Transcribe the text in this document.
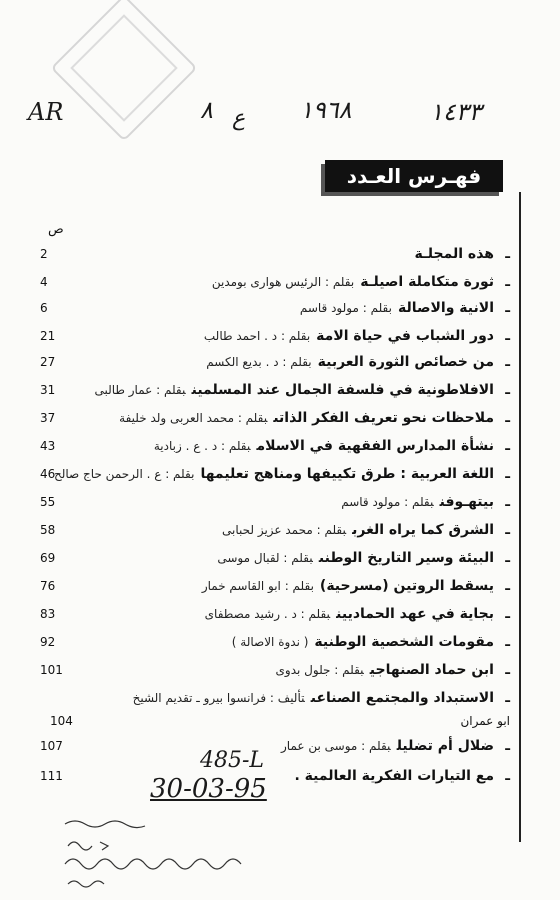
AR	٨ ع ١٩٦٨	١٤٣٣
فهـرس العـدد
ص
ـهذه المجلـة
2
ـثورة متكاملة اصيلـةبقلم : الرئيس هوارى بومدين
4
ـالانية والاصالةبقلم : مولود قاسم
6
ـدور الشباب في حياة الامةبقلم : د . احمد طالب
21
ـمن خصائص الثورة العربيةبقلم : د . بديع الكسم
27
ـالافلاطونية في فلسفة الجمال عند المسلمينبقلم : عمار طالبى
31
ـملاحظات نحو تعريف الفكر الذاتىبقلم : محمد العربى ولد خليفة
37
ـنشأة المدارس الفقهية في الاسلامبقلم : د . ع . زبادية
43
ـاللغة العربية : طرق تكييفها ومناهج تعليمهابقلم : ع . الرحمن حاج صالح
46
ـبيتهـوفنبقلم : مولود قاسم
55
ـالشرق كما يراه الغرببقلم : محمد عزيز لحبابى
58
ـالبيئة وسير التاريخ الوطنىبقلم : لقبال موسى
69
ـيسقط الروتين (مسرحية)بقلم : ابو القاسم خمار
76
ـبجاية في عهد الحماديينبقلم : د . رشيد مصطفاى
83
ـمقومات الشخصية الوطنية( ندوة الاصالة )
92
ـابن حماد الصنهاجيبقلم : جلول بدوى
101
ـالاستبداد والمجتمع الصناعىتأليف : فرانسوا بيرو ـ تقديم الشيخ
ابو عمران
104
ـضلال أم تضليلبقلم : موسى بن عمار
107
ـمع التيارات الفكرية العالمية .
111
485-L
30-03-95
